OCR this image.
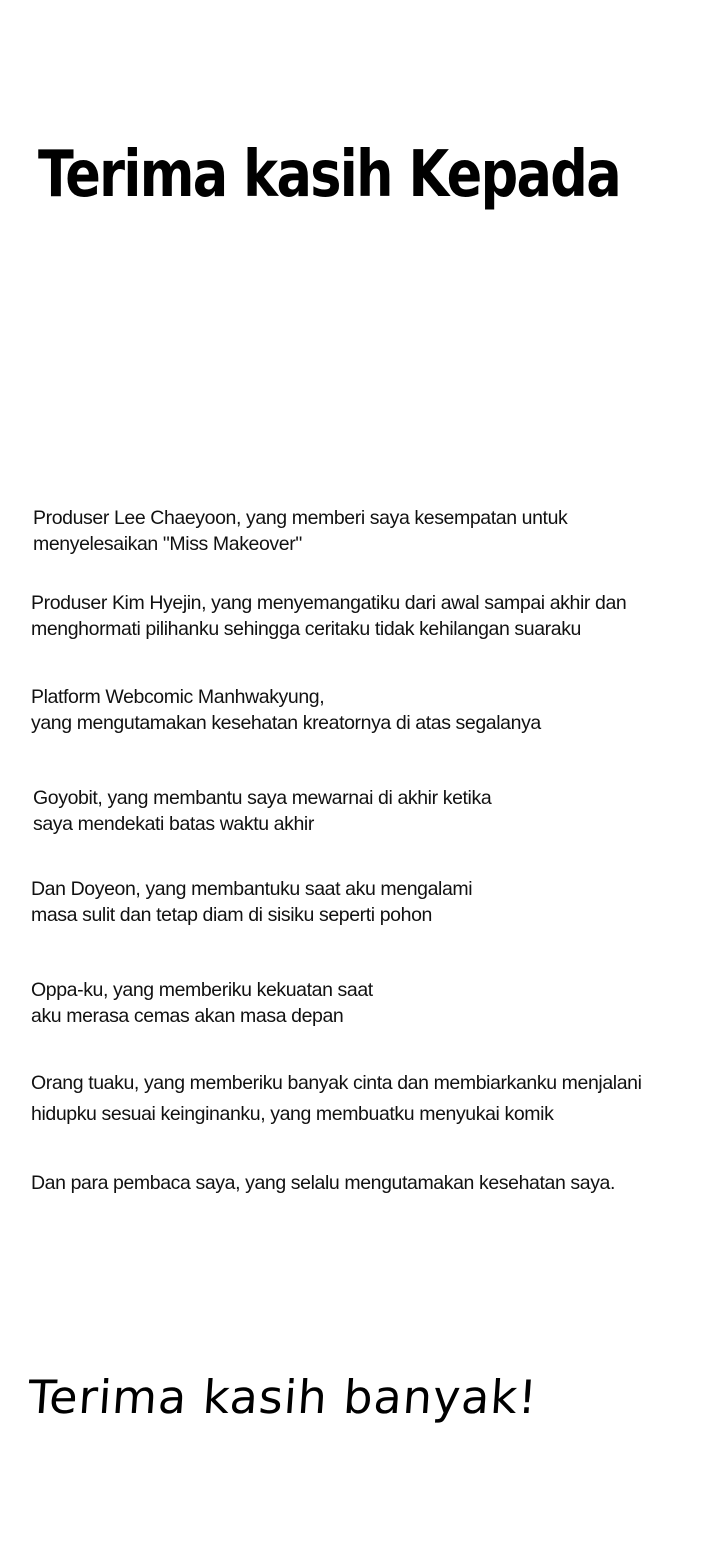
Terima kasih Kepada

Produser Lee Chaeyoon, yang memberi saya kesempatan untuk
menyelesaikan "Miss Makeover"

Produser Kim Hyejin, yang menyemangatiku dari awal sampai akhir dan
menghormati pilihanku sehingga ceritaku tidak kehilangan suaraku

Platform Webcomic Manhwakyung,
yang mengutamakan kesehatan kreatornya di atas segalanya

Goyobit, yang membantu saya mewarnai di akhir ketika
saya mendekati batas waktu akhir

Dan Doyeon, yang membantuku saat aku mengalami
masa sulit dan tetap diam di sisiku seperti pohon

Oppa-ku, yang memberiku kekuatan saat
aku merasa cemas akan masa depan

Orang tuaku, yang memberiku banyak cinta dan membiarkanku menjalani
hidupku sesuai keinginanku, yang membuatku menyukai komik

Dan para pembaca saya, yang selalu mengutamakan kesehatan saya.

Terima kasih banyak!
